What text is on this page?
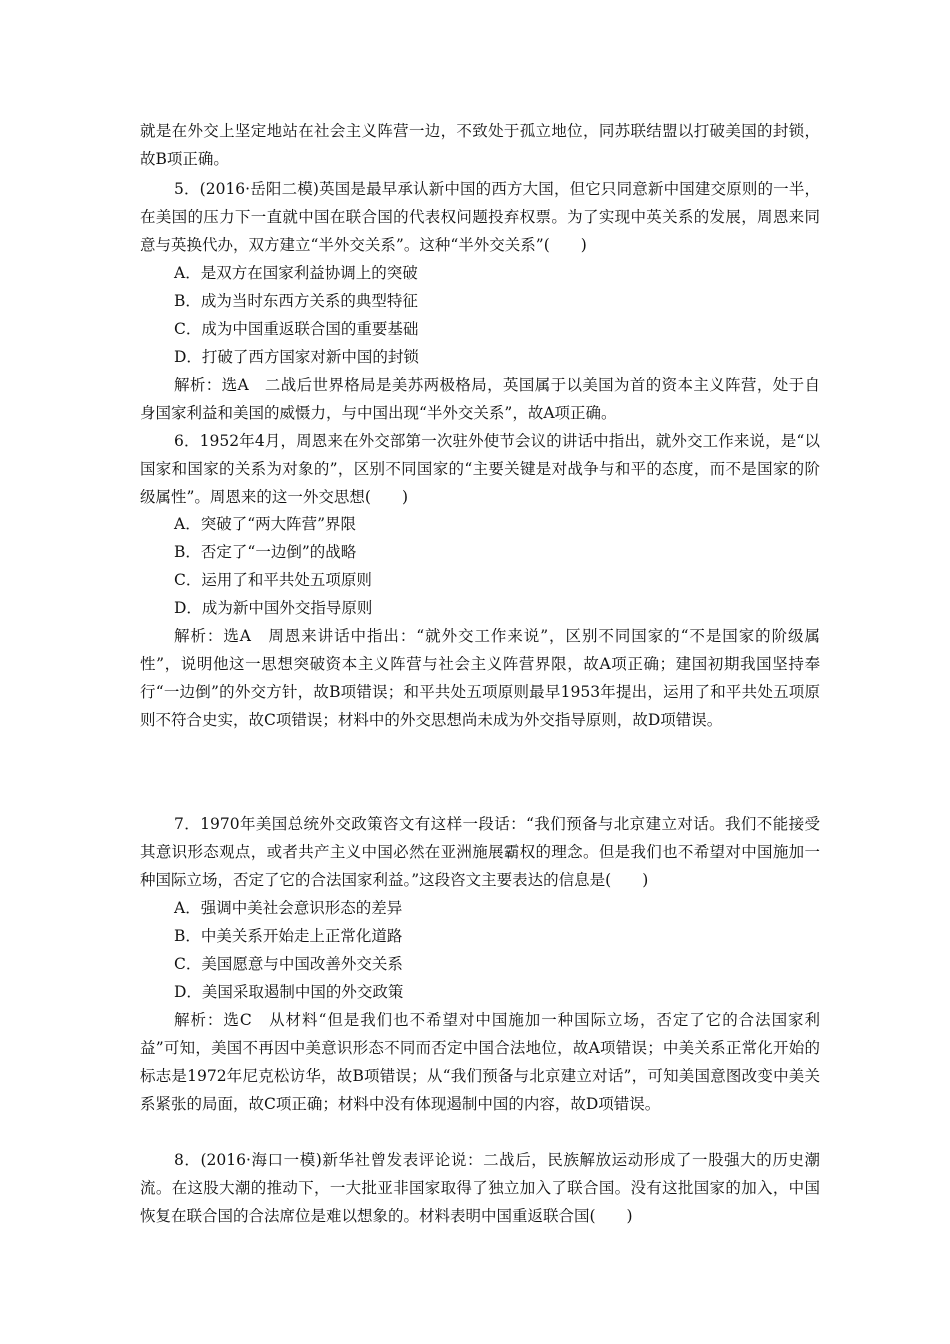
就是在外交上坚定地站在社会主义阵营一边，不致处于孤立地位，同苏联结盟以打破美国的封锁，故B项正确。

5．(2016·岳阳二模)英国是最早承认新中国的西方大国，但它只同意新中国建交原则的一半，在美国的压力下一直就中国在联合国的代表权问题投弃权票。为了实现中英关系的发展，周恩来同意与英换代办，双方建立“半外交关系”。这种“半外交关系”(　　)

A．是双方在国家利益协调上的突破

B．成为当时东西方关系的典型特征

C．成为中国重返联合国的重要基础

D．打破了西方国家对新中国的封锁

解析：选A　二战后世界格局是美苏两极格局，英国属于以美国为首的资本主义阵营，处于自身国家利益和美国的威慑力，与中国出现“半外交关系”，故A项正确。

6．1952年4月，周恩来在外交部第一次驻外使节会议的讲话中指出，就外交工作来说，是“以国家和国家的关系为对象的”，区别不同国家的“主要关键是对战争与和平的态度，而不是国家的阶级属性”。周恩来的这一外交思想(　　)

A．突破了“两大阵营”界限

B．否定了“一边倒”的战略

C．运用了和平共处五项原则

D．成为新中国外交指导原则

解析：选A　周恩来讲话中指出：“就外交工作来说”，区别不同国家的“不是国家的阶级属性”，说明他这一思想突破资本主义阵营与社会主义阵营界限，故A项正确；建国初期我国坚持奉行“一边倒”的外交方针，故B项错误；和平共处五项原则最早1953年提出，运用了和平共处五项原则不符合史实，故C项错误；材料中的外交思想尚未成为外交指导原则，故D项错误。

7．1970年美国总统外交政策咨文有这样一段话：“我们预备与北京建立对话。我们不能接受其意识形态观点，或者共产主义中国必然在亚洲施展霸权的理念。但是我们也不希望对中国施加一种国际立场，否定了它的合法国家利益。”这段咨文主要表达的信息是(　　)

A．强调中美社会意识形态的差异

B．中美关系开始走上正常化道路

C．美国愿意与中国改善外交关系

D．美国采取遏制中国的外交政策

解析：选C　从材料“但是我们也不希望对中国施加一种国际立场，否定了它的合法国家利益”可知，美国不再因中美意识形态不同而否定中国合法地位，故A项错误；中美关系正常化开始的标志是1972年尼克松访华，故B项错误；从“我们预备与北京建立对话”，可知美国意图改变中美关系紧张的局面，故C项正确；材料中没有体现遏制中国的内容，故D项错误。

8．(2016·海口一模)新华社曾发表评论说：二战后，民族解放运动形成了一股强大的历史潮流。在这股大潮的推动下，一大批亚非国家取得了独立加入了联合国。没有这批国家的加入，中国恢复在联合国的合法席位是难以想象的。材料表明中国重返联合国(　　)
